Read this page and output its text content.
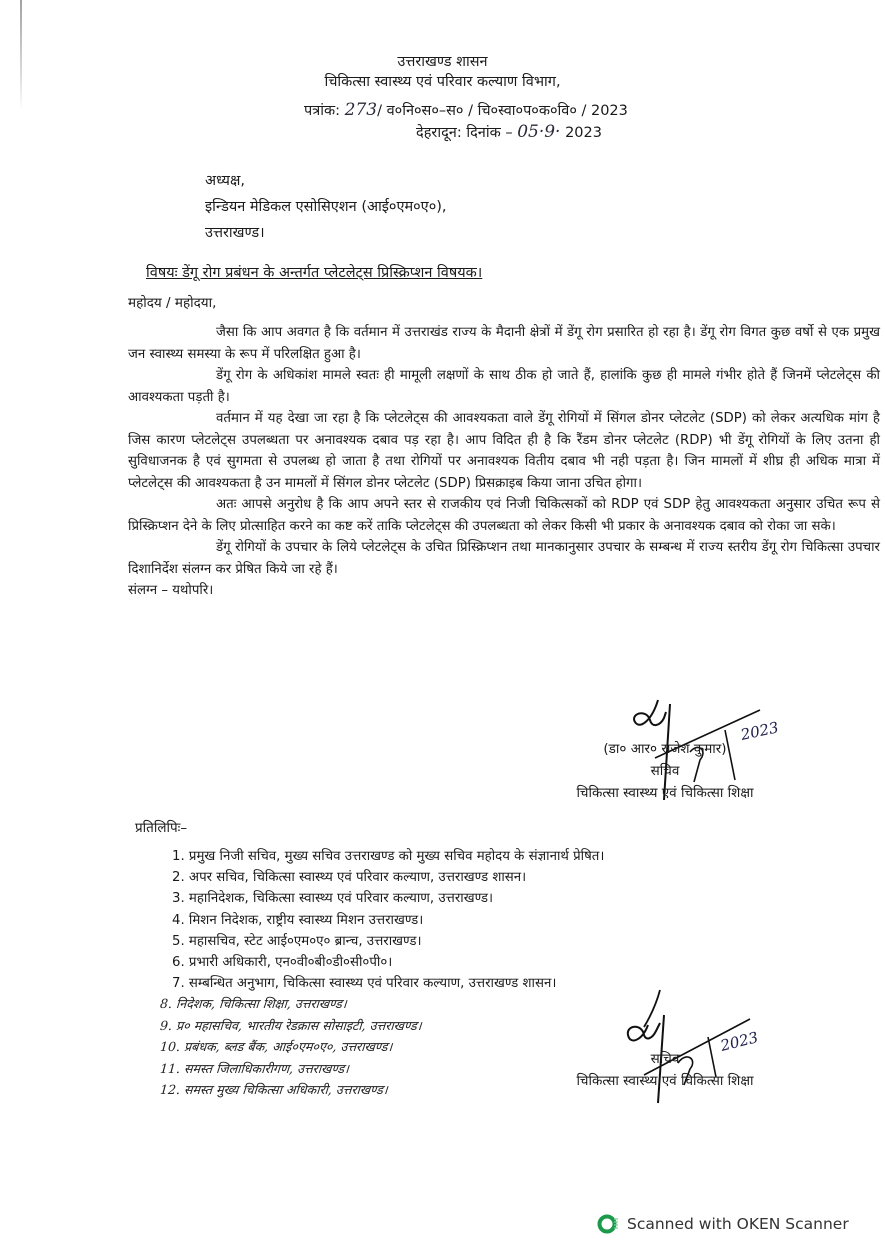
उत्तराखण्ड शासन
चिकित्सा स्वास्थ्य एवं परिवार कल्याण विभाग,
पत्रांक: 273/ व०नि०स०–स० / चि०स्वा०प०क०वि० / 2023
देहरादून: दिनांक – 05·9· 2023
अध्यक्ष,
इन्डियन मेडिकल एसोसिएशन (आई०एम०ए०),
उत्तराखण्ड।
विषयः डेंगू रोग प्रबंधन के अन्तर्गत प्लेटलेट्स प्रिस्क्रिप्शन विषयक।
महोदय / महोदया,

जैसा कि आप अवगत है कि वर्तमान में उत्तराखंड राज्य के मैदानी क्षेत्रों में डेंगू रोग प्रसारित हो रहा है। डेंगू रोग विगत कुछ वर्षो से एक प्रमुख जन स्वास्थ्य समस्या के रूप में परिलक्षित हुआ है।

डेंगू रोग के अधिकांश मामले स्वतः ही मामूली लक्षणों के साथ ठीक हो जाते हैं, हालांकि कुछ ही मामले गंभीर होते हैं जिनमें प्लेटलेट्स की आवश्यकता पड़ती है।

वर्तमान में यह देखा जा रहा है कि प्लेटलेट्स की आवश्यकता वाले डेंगू रोगियों में सिंगल डोनर प्लेटलेट (SDP) को लेकर अत्यधिक मांग है जिस कारण प्लेटलेट्स उपलब्धता पर अनावश्यक दबाव पड़ रहा है। आप विदित ही है कि रैंडम डोनर प्लेटलेट (RDP) भी डेंगू रोगियों के लिए उतना ही सुविधाजनक है एवं सुगमता से उपलब्ध हो जाता है तथा रोगियों पर अनावश्यक वितीय दबाव भी नही पड़ता है। जिन मामलों में शीघ्र ही अधिक मात्रा में प्लेटलेट्स की आवश्यकता है उन मामलों में सिंगल डोनर प्लेटलेट (SDP) प्रिसक्राइब किया जाना उचित होगा।

अतः आपसे अनुरोध है कि आप अपने स्तर से राजकीय एवं निजी चिकित्सकों को RDP एवं SDP हेतु आवश्यकता अनुसार उचित रूप से प्रिस्क्रिप्शन देने के लिए प्रोत्साहित करने का कष्ट करें ताकि प्लेटलेट्स की उपलब्धता को लेकर किसी भी प्रकार के अनावश्यक दबाव को रोका जा सके।

डेंगू रोगियों के उपचार के लिये प्लेटलेट्स के उचित प्रिस्क्रिप्शन तथा मानकानुसार उपचार के सम्बन्ध में राज्य स्तरीय डेंगू रोग चिकित्सा उपचार दिशानिर्देश संलग्न कर प्रेषित किये जा रहे हैं।

संलग्न – यथोपरि।

2023
(डा० आर० राजेश कुमार)
सचिव
चिकित्सा स्वास्थ्य एवं चिकित्सा शिक्षा
प्रतिलिपिः–
1. प्रमुख निजी सचिव, मुख्य सचिव उत्तराखण्ड को मुख्य सचिव महोदय के संज्ञानार्थ प्रेषित।
2. अपर सचिव, चिकित्सा स्वास्थ्य एवं परिवार कल्याण, उत्तराखण्ड शासन।
3. महानिदेशक, चिकित्सा स्वास्थ्य एवं परिवार कल्याण, उत्तराखण्ड।
4. मिशन निदेशक, राष्ट्रीय स्वास्थ्य मिशन उत्तराखण्ड।
5. महासचिव, स्टेट आई०एम०ए० ब्रान्च, उत्तराखण्ड।
6. प्रभारी अधिकारी, एन०वी०बी०डी०सी०पी०।
7. सम्बन्धित अनुभाग, चिकित्सा स्वास्थ्य एवं परिवार कल्याण, उत्तराखण्ड शासन।
8. निदेशक, चिकित्सा शिक्षा, उत्तराखण्ड।
9. प्र० महासचिव, भारतीय रेडक्रास सोसाइटी, उत्तराखण्ड।
10. प्रबंधक, ब्लड बैंक, आई०एम०ए०, उत्तराखण्ड।
11. समस्त जिलाधिकारीगण, उत्तराखण्ड।
12. समस्त मुख्य चिकित्सा अधिकारी, उत्तराखण्ड।
2023
सचिव
चिकित्सा स्वास्थ्य एवं चिकित्सा शिक्षा
Scanned with OKEN Scanner
